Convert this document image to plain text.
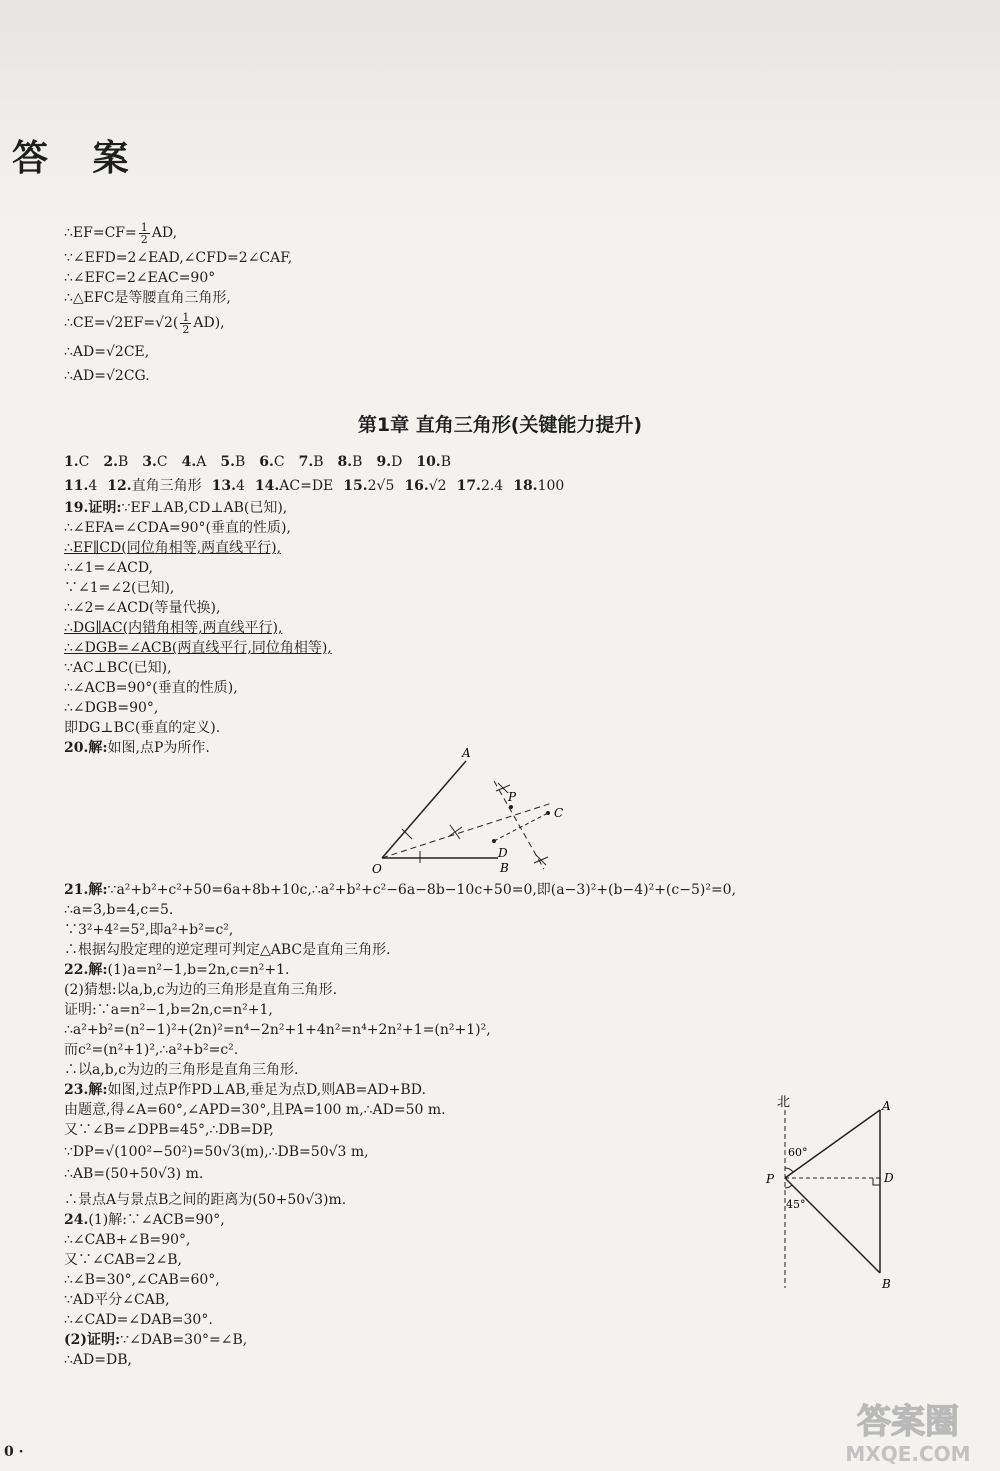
答 案
∴EF=CF= $\frac{1}{2}$ AD,
∵∠EFD=2∠EAD,∠CFD=2∠CAF,
∴∠EFC=2∠EAC=90°
∴△EFC是等腰直角三角形,
∴CE=√2EF=√2( $\frac{1}{2} AD$),
∴AD=√2CE,
∴AD=√2CG.
第1章 直角三角形(关键能力提升)
1.C 2.B 3.C 4.A 5.B 6.C 7.B 8.B 9.D 10.B
11.4 12.直角三角形 13.4 14.AC=DE 15.2√5 16.√2 17.2.4 18.100
19.证明:∵EF⊥AB,CD⊥AB(已知),
∴∠EFA=∠CDA=90°(垂直的性质),
∴EF∥CD(同位角相等,两直线平行),
∴∠1=∠ACD,
∵∠1=∠2(已知),
∴∠2=∠ACD(等量代换),
∴DG∥AC(内错角相等,两直线平行),
∴∠DGB=∠ACB(两直线平行,同位角相等),
∵AC⊥BC(已知),
∴∠ACB=90°(垂直的性质),
∴∠DGB=90°,
即DG⊥BC(垂直的定义).
20.解:如图,点P为所作.
O
A
B
C
D
P
21.解:∵a²+b²+c²+50=6a+8b+10c,∴a²+b²+c²−6a−8b−10c+50=0,即(a−3)²+(b−4)²+(c−5)²=0,
∴a=3,b=4,c=5.
∵3²+4²=5²,即a²+b²=c²,
∴根据勾股定理的逆定理可判定△ABC是直角三角形.
22.解:(1)a=n²−1,b=2n,c=n²+1.
(2)猜想:以a,b,c为边的三角形是直角三角形.
证明:∵a=n²−1,b=2n,c=n²+1,
∴a²+b²=(n²−1)²+(2n)²=n⁴−2n²+1+4n²=n⁴+2n²+1=(n²+1)²,
而c²=(n²+1)²,∴a²+b²=c².
∴以a,b,c为边的三角形是直角三角形.
23.解:如图,过点P作PD⊥AB,垂足为点D,则AB=AD+BD.
由题意,得∠A=60°,∠APD=30°,且PA=100 m,∴AD=50 m.
又∵∠B=∠DPB=45°,∴DB=DP,
∵DP=√(100²−50²)=50√3(m),∴DB=50√3 m,
∴AB=(50+50√3) m.
∴景点A与景点B之间的距离为(50+50√3)m.
24.(1)解:∵∠ACB=90°,
∴∠CAB+∠B=90°,
又∵∠CAB=2∠B,
∴∠B=30°,∠CAB=60°,
∵AD平分∠CAB,
∴∠CAD=∠DAB=30°.
(2)证明:∵∠DAB=30°=∠B,
∴AD=DB,
北
60°
45°
A
B
D
P
0 ·
答案圈
MXQE.COM
